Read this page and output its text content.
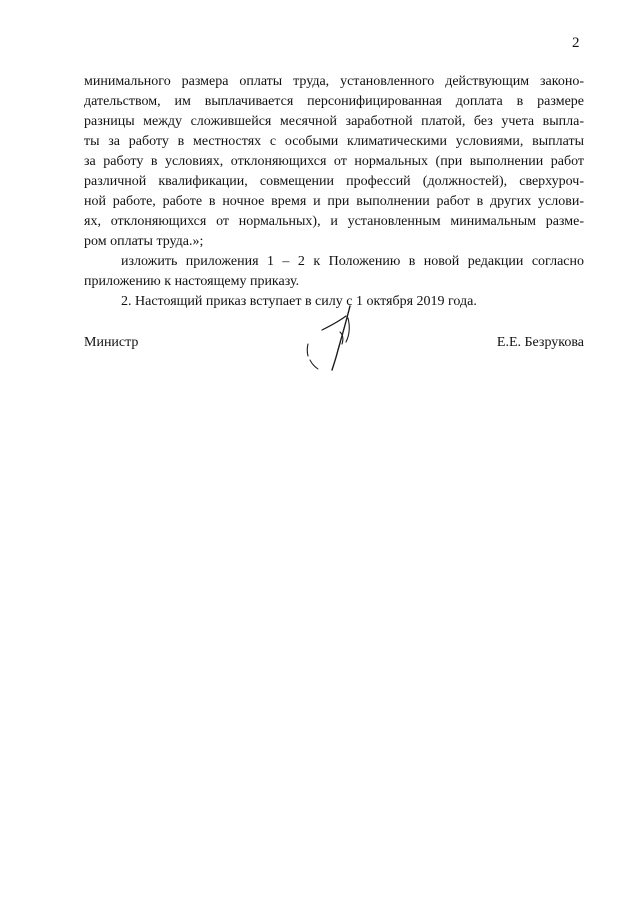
2
минимального размера оплаты труда, установленного действующим законо-
дательством, им выплачивается персонифицированная доплата в размере
разницы между сложившейся месячной заработной платой, без учета выпла-
ты за работу в местностях с особыми климатическими условиями, выплаты
за работу в условиях, отклоняющихся от нормальных (при выполнении работ
различной квалификации, совмещении профессий (должностей), сверхуроч-
ной работе, работе в ночное время и при выполнении работ в других услови-
ях, отклоняющихся от нормальных), и установленным минимальным разме-
ром оплаты труда.»;
изложить приложения 1 – 2 к Положению в новой редакции согласно
приложению к настоящему приказу.
2. Настоящий приказ вступает в силу с 1 октября 2019 года.
Министр	Е.Е. Безрукова
